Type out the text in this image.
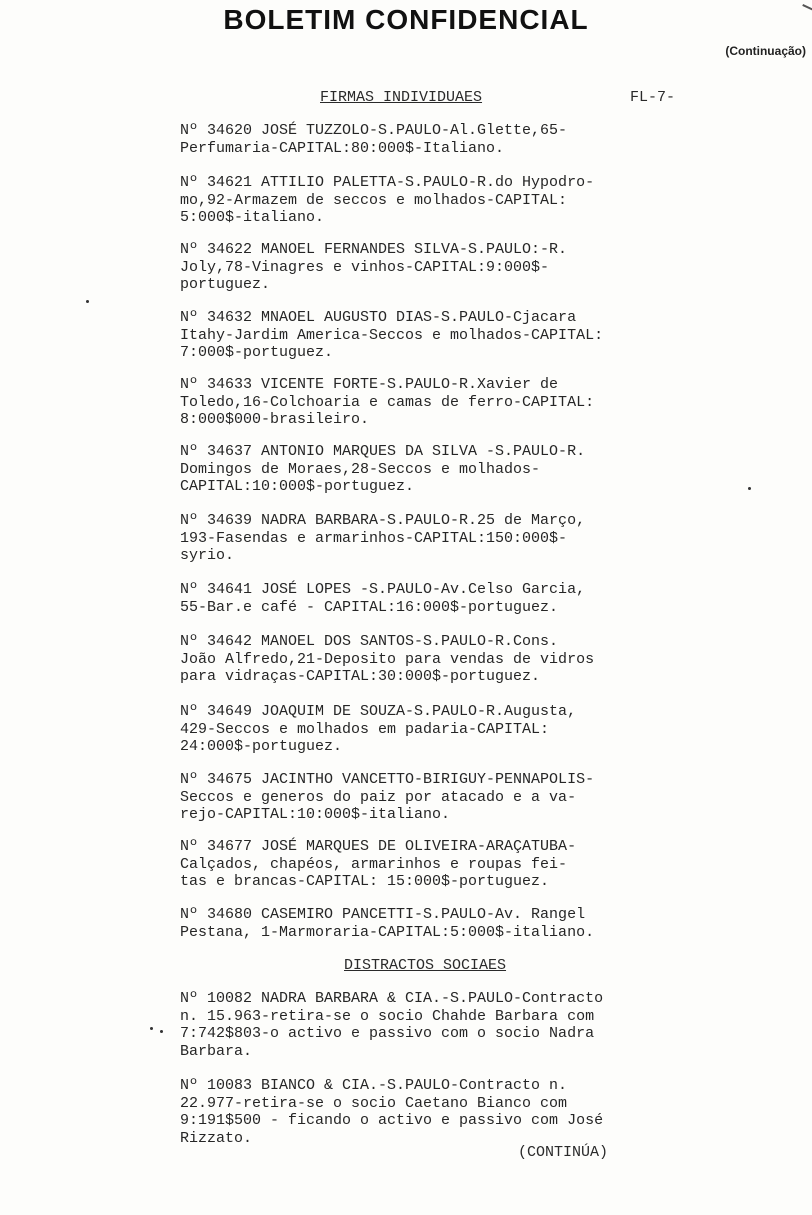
BOLETIM CONFIDENCIAL
(Continuação)
FIRMAS INDIVIDUAES	FL-7-
Nº 34620 JOSÉ TUZZOLO-S.PAULO-Al.Glette,65-
Perfumaria-CAPITAL:80:000$-Italiano.
Nº 34621 ATTILIO PALETTA-S.PAULO-R.do Hypodro-
mo,92-Armazem de seccos e molhados-CAPITAL:
5:000$-italiano.
Nº 34622 MANOEL FERNANDES SILVA-S.PAULO:-R.
Joly,78-Vinagres e vinhos-CAPITAL:9:000$-
portuguez.
Nº 34632 MNAOEL AUGUSTO DIAS-S.PAULO-Cjacara
Itahy-Jardim America-Seccos e molhados-CAPITAL:
7:000$-portuguez.
Nº 34633 VICENTE FORTE-S.PAULO-R.Xavier de
Toledo,16-Colchoaria e camas de ferro-CAPITAL:
8:000$000-brasileiro.
Nº 34637 ANTONIO MARQUES DA SILVA -S.PAULO-R.
Domingos de Moraes,28-Seccos e molhados-
CAPITAL:10:000$-portuguez.
Nº 34639 NADRA BARBARA-S.PAULO-R.25 de Março,
193-Fasendas e armarinhos-CAPITAL:150:000$-
syrio.
Nº 34641 JOSÉ LOPES -S.PAULO-Av.Celso Garcia,
55-Bar.e café - CAPITAL:16:000$-portuguez.
Nº 34642 MANOEL DOS SANTOS-S.PAULO-R.Cons.
João Alfredo,21-Deposito para vendas de vidros
para vidraças-CAPITAL:30:000$-portuguez.
Nº 34649 JOAQUIM DE SOUZA-S.PAULO-R.Augusta,
429-Seccos e molhados em padaria-CAPITAL:
24:000$-portuguez.
Nº 34675 JACINTHO VANCETTO-BIRIGUY-PENNAPOLIS-
Seccos e generos do paiz por atacado e a va-
rejo-CAPITAL:10:000$-italiano.
Nº 34677 JOSÉ MARQUES DE OLIVEIRA-ARAÇATUBA-
Calçados, chapéos, armarinhos e roupas fei-
tas e brancas-CAPITAL: 15:000$-portuguez.
Nº 34680 CASEMIRO PANCETTI-S.PAULO-Av. Rangel
Pestana, 1-Marmoraria-CAPITAL:5:000$-italiano.
DISTRACTOS SOCIAES
Nº 10082 NADRA BARBARA & CIA.-S.PAULO-Contracto
n. 15.963-retira-se o socio Chahde Barbara com
7:742$803-o activo e passivo com o socio Nadra
Barbara.
Nº 10083 BIANCO & CIA.-S.PAULO-Contracto n.
22.977-retira-se o socio Caetano Bianco com
9:191$500 - ficando o activo e passivo com José
Rizzato.
(CONTINÚA)
